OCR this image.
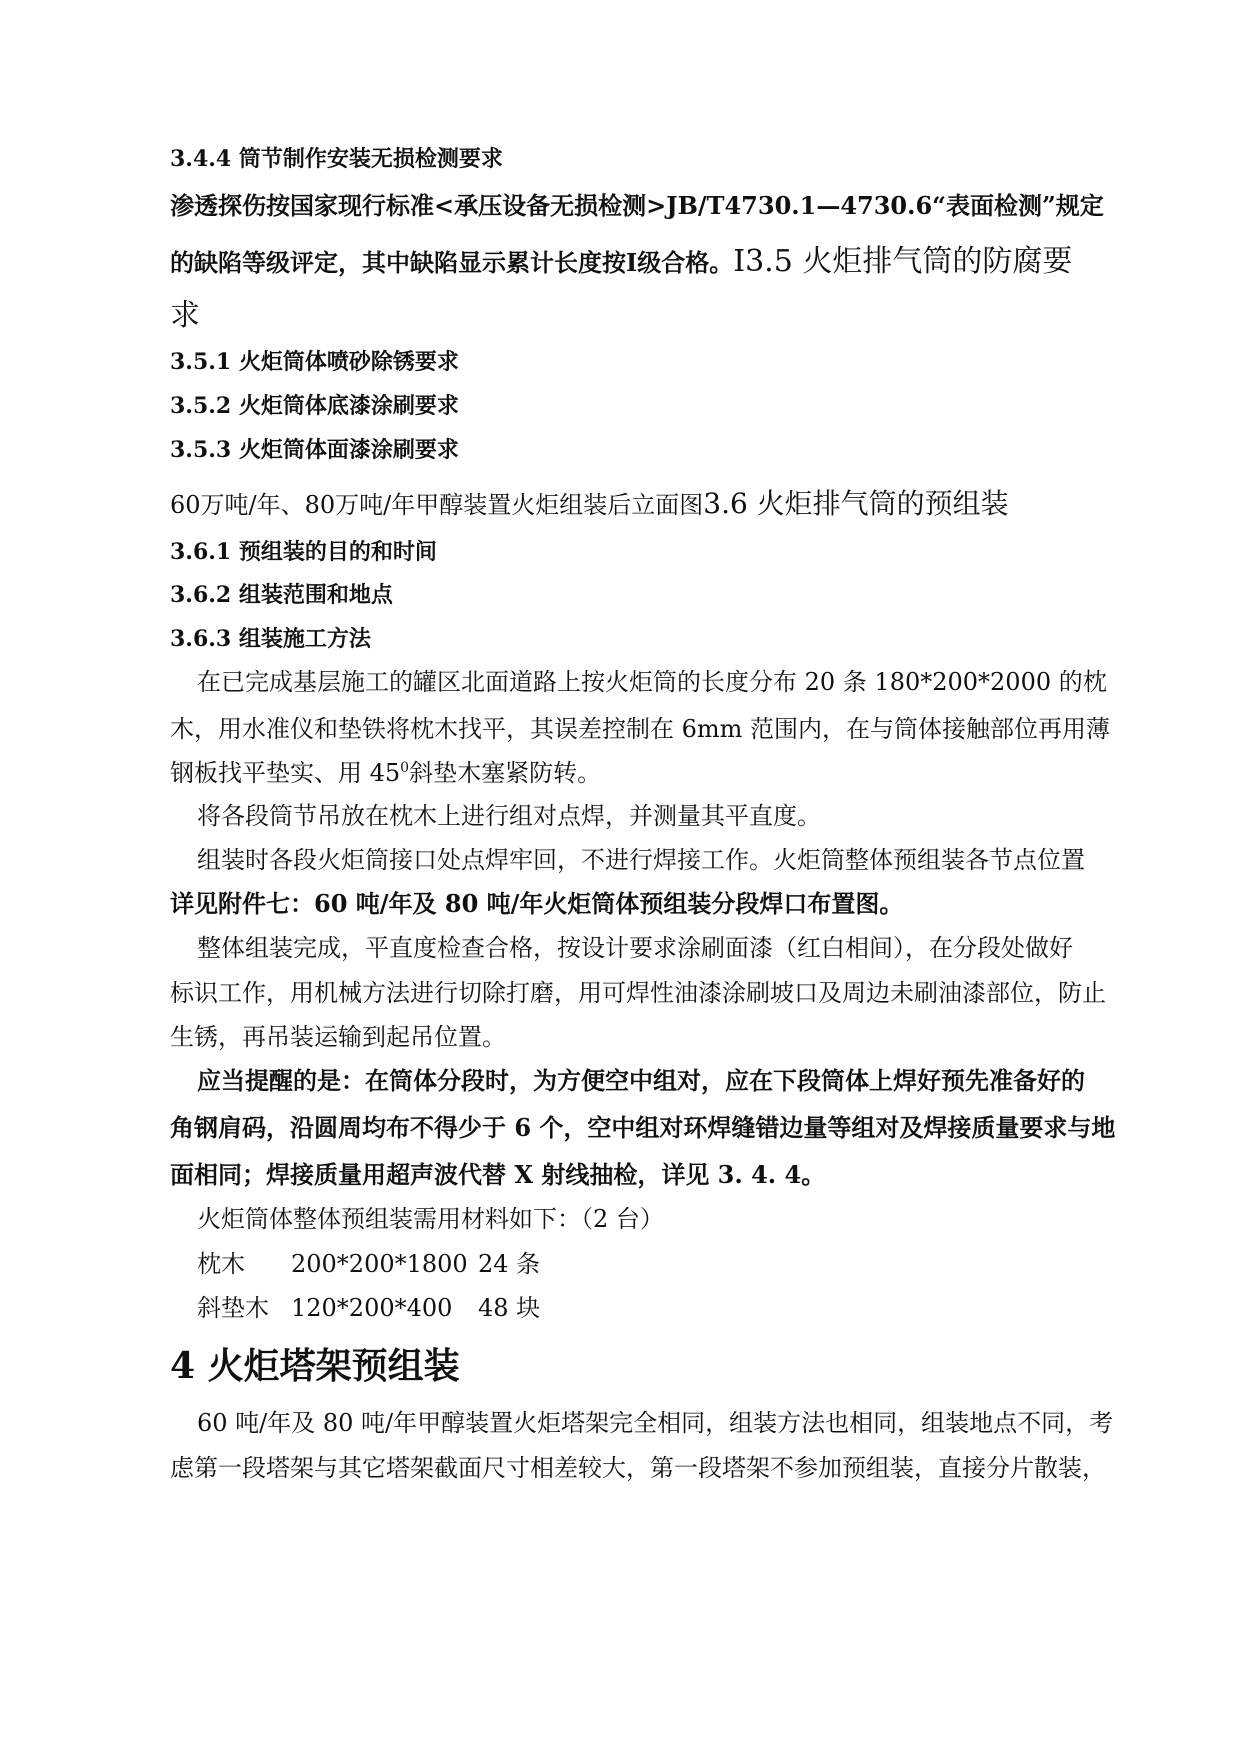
3.4.4 筒节制作安装无损检测要求
渗透探伤按国家现行标准<承压设备无损检测>JB/T4730.1—4730.6“表面检测”规定
的缺陷等级评定，其中缺陷显示累计长度按Ⅰ级合格。Ⅰ3.5 火炬排气筒的防腐要
求
3.5.1 火炬筒体喷砂除锈要求
3.5.2 火炬筒体底漆涂刷要求
3.5.3 火炬筒体面漆涂刷要求
60万吨/年、80万吨/年甲醇装置火炬组装后立面图3.6 火炬排气筒的预组装
3.6.1 预组装的目的和时间
3.6.2 组装范围和地点
3.6.3 组装施工方法
在已完成基层施工的罐区北面道路上按火炬筒的长度分布 20 条 180*200*2000 的枕
木，用水准仪和垫铁将枕木找平，其误差控制在 6mm 范围内，在与筒体接触部位再用薄
钢板找平垫实、用 $45^0$斜垫木塞紧防转。
将各段筒节吊放在枕木上进行组对点焊，并测量其平直度。
组装时各段火炬筒接口处点焊牢回，不进行焊接工作。火炬筒整体预组装各节点位置
详见附件七：60 吨/年及 80 吨/年火炬筒体预组装分段焊口布置图。
整体组装完成，平直度检查合格，按设计要求涂刷面漆（红白相间），在分段处做好
标识工作，用机械方法进行切除打磨，用可焊性油漆涂刷坡口及周边未刷油漆部位，防止
生锈，再吊装运输到起吊位置。
应当提醒的是：在筒体分段时，为方便空中组对，应在下段筒体上焊好预先准备好的
角钢肩码，沿圆周均布不得少于 6 个，空中组对环焊缝错边量等组对及焊接质量要求与地
面相同；焊接质量用超声波代替 X 射线抽检，详见 3. 4. 4。
火炬筒体整体预组装需用材料如下：（2 台）
枕木 200*200*1800 24 条
斜垫木 120*200*400 48 块
4 火炬塔架预组装
60 吨/年及 80 吨/年甲醇装置火炬塔架完全相同，组装方法也相同，组装地点不同，考
虑第一段塔架与其它塔架截面尺寸相差较大，第一段塔架不参加预组装，直接分片散装，
